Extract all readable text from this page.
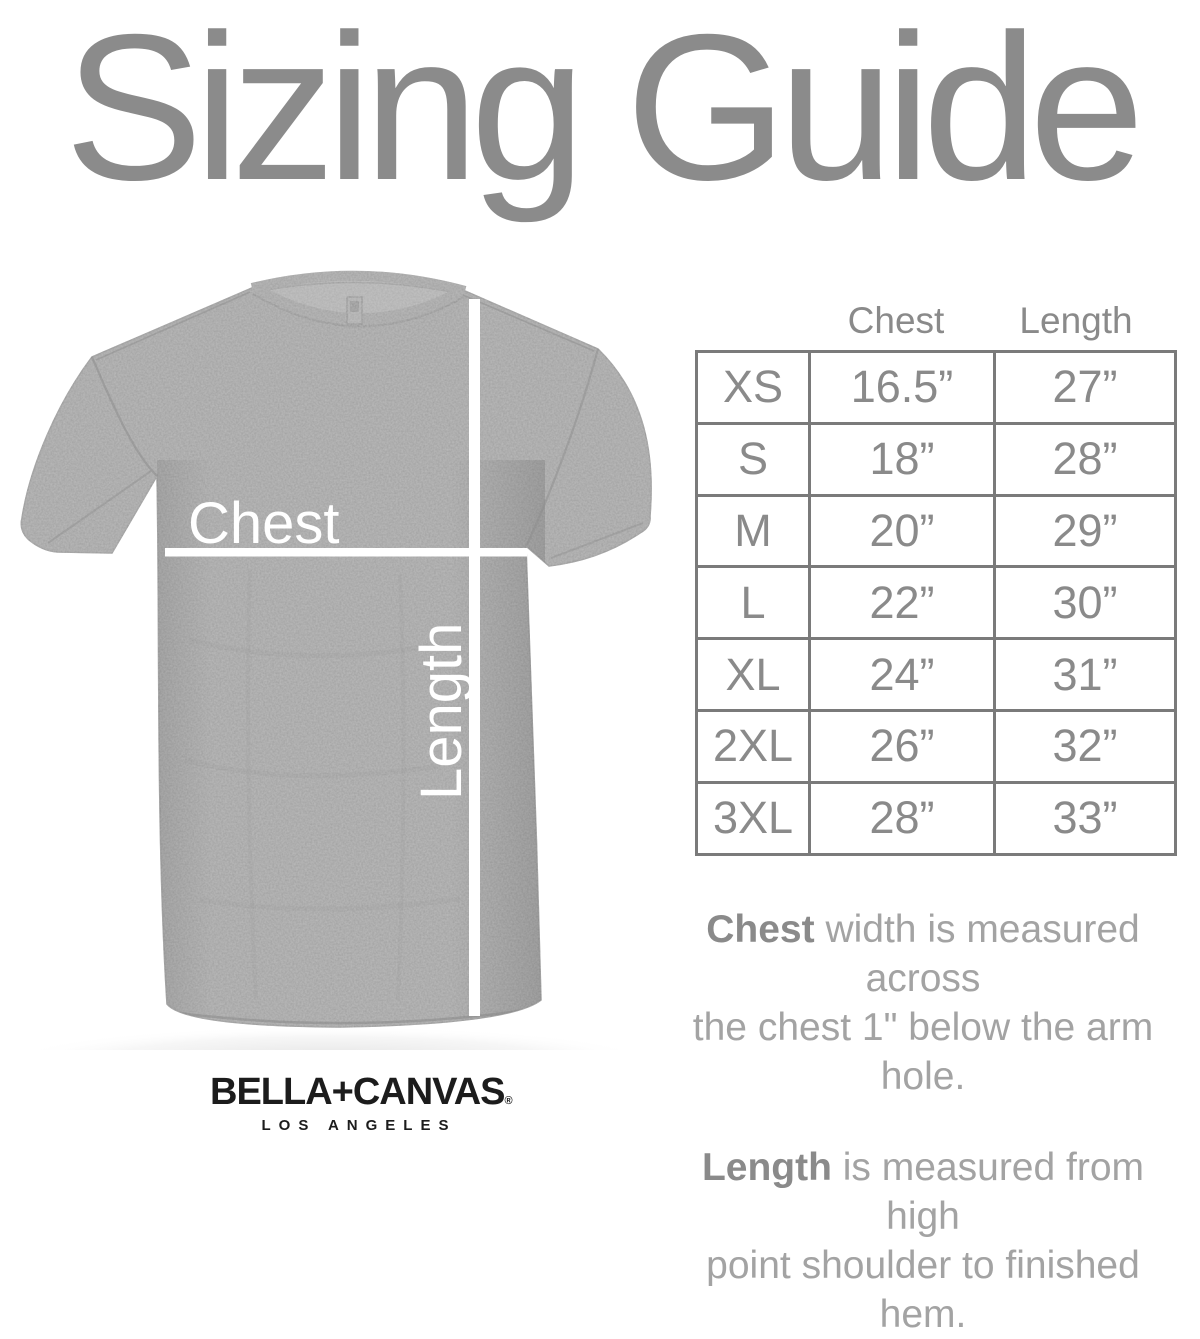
Sizing Guide
Chest
Length
Chest Length
XS	16.5”	27”
S	18”	28”
M	20”	29”
L	22”	30”
XL	24”	31”
2XL	26”	32”
3XL	28”	33”

Chest width is measured across
the chest 1" below the arm hole.

Length is measured from high
point shoulder to finished hem.

BELLA+CANVAS®
LOS ANGELES
